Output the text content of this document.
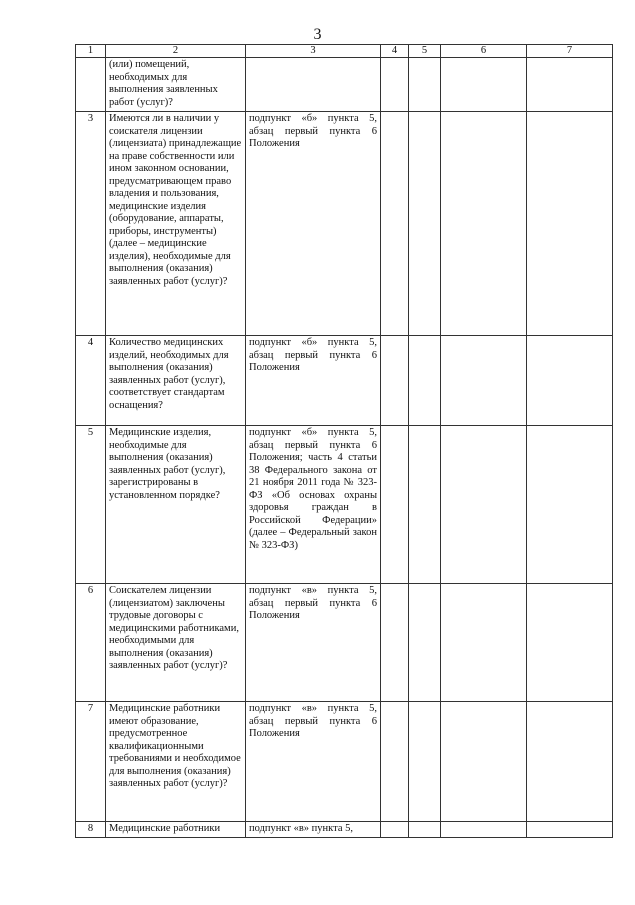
3
1	2	3	4	5	6	7
	(или) помещений, необходимых для выполнения заявленных работ (услуг)?					
3	Имеются ли в наличии у соискателя лицензии (лицензиата) принадлежащие на праве собственности или ином законном основании, предусматривающем право владения и пользования, медицинские изделия (оборудование, аппараты, приборы, инструменты) (далее – медицинские изделия), необходимые для выполнения (оказания) заявленных работ (услуг)?	подпункт «б» пункта 5, абзац первый пункта 6 Положения				
4	Количество медицинских изделий, необходимых для выполнения (оказания) заявленных работ (услуг), соответствует стандартам оснащения?	подпункт «б» пункта 5, абзац первый пункта 6 Положения				
5	Медицинские изделия, необходимые для выполнения (оказания) заявленных работ (услуг), зарегистрированы в установленном порядке?	подпункт «б» пункта 5, абзац первый пункта 6 Положения; часть 4 статьи 38 Федерального закона от 21 ноября 2011 года № 323-ФЗ «Об основах охраны здоровья граждан в Российской Федерации» (далее – Федеральный закон № 323-ФЗ)				
6	Соискателем лицензии (лицензиатом) заключены трудовые договоры с медицинскими работниками, необходимыми для выполнения (оказания) заявленных работ (услуг)?	подпункт «в» пункта 5, абзац первый пункта 6 Положения				
7	Медицинские работники имеют образование, предусмотренное квалификационными требованиями и необходимое для выполнения (оказания) заявленных работ (услуг)?	подпункт «в» пункта 5, абзац первый пункта 6 Положения				
8	Медицинские работники	подпункт «в» пункта 5,				
